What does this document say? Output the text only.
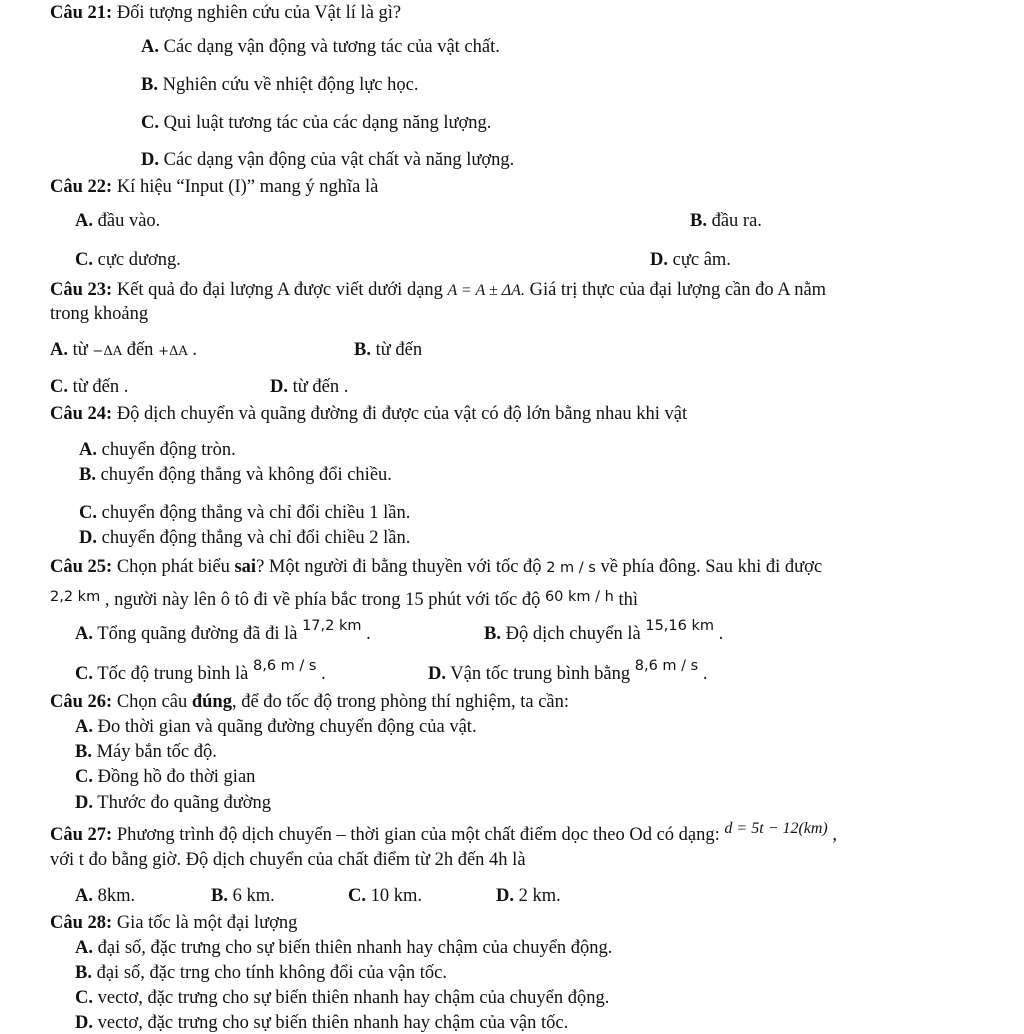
Câu 21: Đối tượng nghiên cứu của Vật lí là gì?
A. Các dạng vận động và tương tác của vật chất.
B. Nghiên cứu về nhiệt động lực học.
C. Qui luật tương tác của các dạng năng lượng.
D. Các dạng vận động của vật chất và năng lượng.
Câu 22: Kí hiệu “Input (I)” mang ý nghĩa là
A. đầu vào.	B. đầu ra.
C. cực dương.	D. cực âm.
Câu 23: Kết quả đo đại lượng A được viết dưới dạng A = A ± ΔA. Giá trị thực của đại lượng cần đo A nằm
trong khoảng
A. từ −ΔA đến +ΔA .	B. từ đến
C. từ đến .	D. từ đến .
Câu 24: Độ dịch chuyển và quãng đường đi được của vật có độ lớn bằng nhau khi vật
A. chuyển động tròn.
B. chuyển động thẳng và không đổi chiều.
C. chuyển động thẳng và chỉ đổi chiều 1 lần.
D. chuyển động thẳng và chỉ đổi chiều 2 lần.
Câu 25: Chọn phát biểu sai? Một người đi bằng thuyền với tốc độ 2 m / s về phía đông. Sau khi đi được
$^{2,2 km}$ , người này lên ô tô đi về phía bắc trong 15 phút với tốc độ $^{60 km / h}$ thì
A. Tổng quãng đường đã đi là $^{17,2 km}$ .	B. Độ dịch chuyển là $^{15,16 km}$ .
C. Tốc độ trung bình là $^{8,6 m / s}$ .	D. Vận tốc trung bình bằng $^{8,6 m / s}$ .
Câu 26: Chọn câu đúng, để đo tốc độ trong phòng thí nghiệm, ta cần:
A. Đo thời gian và quãng đường chuyển động của vật.
B. Máy bắn tốc độ.
C. Đồng hồ đo thời gian
D. Thước đo quãng đường
Câu 27: Phương trình độ dịch chuyển – thời gian của một chất điểm dọc theo Od có dạng: d = 5t − 12(km) ,
với t đo bằng giờ. Độ dịch chuyển của chất điểm từ 2h đến 4h là
A. 8km.	B. 6 km.	C. 10 km.	D. 2 km.
Câu 28: Gia tốc là một đại lượng
A. đại số, đặc trưng cho sự biến thiên nhanh hay chậm của chuyển động.
B. đại số, đặc trng cho tính không đổi của vận tốc.
C. vectơ, đặc trưng cho sự biến thiên nhanh hay chậm của chuyển động.
D. vectơ, đặc trưng cho sự biến thiên nhanh hay chậm của vận tốc.
